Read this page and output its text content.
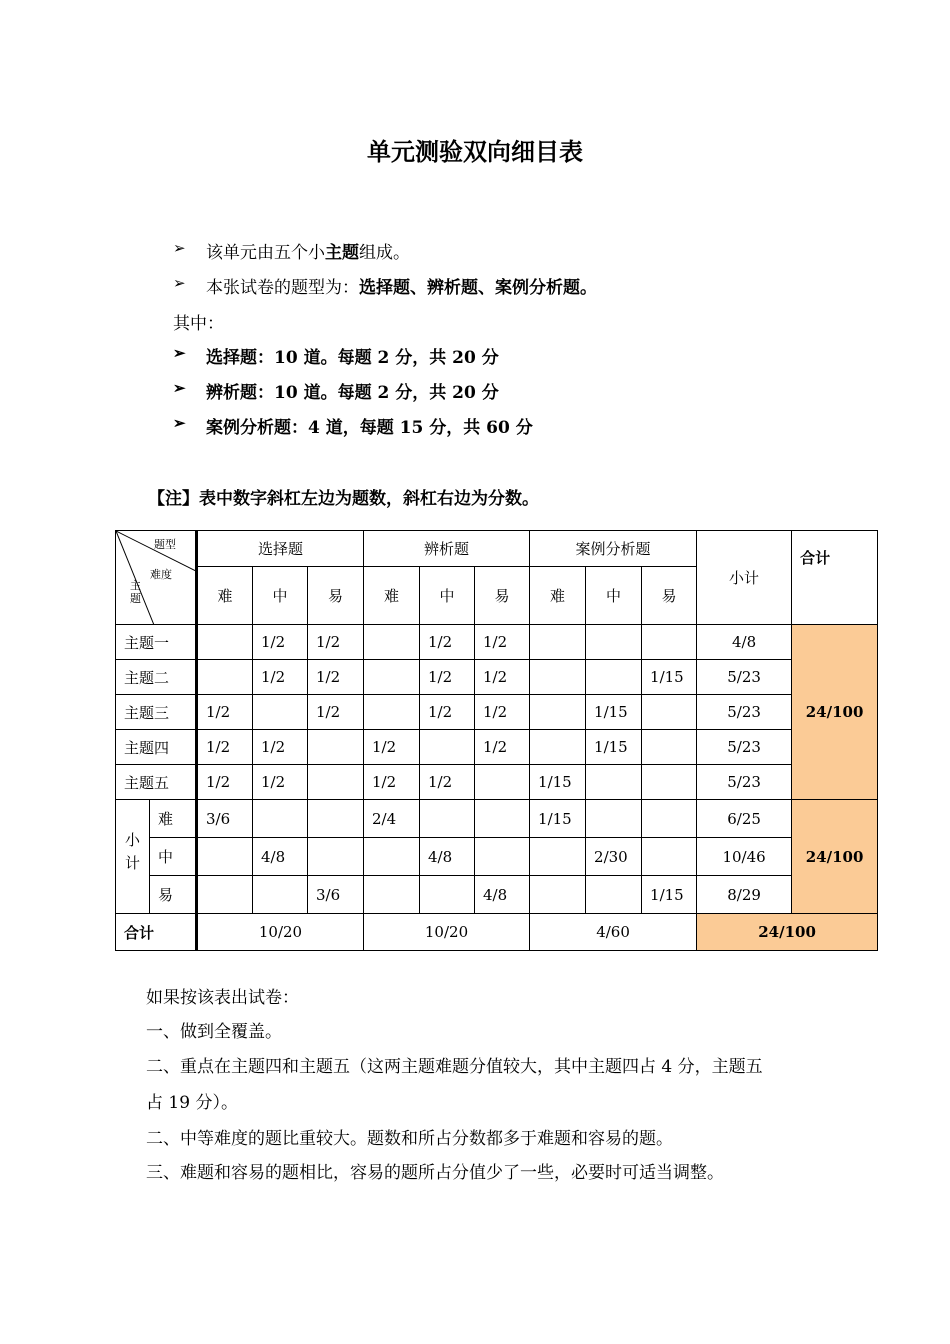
单元测验双向细目表
➢ 该单元由五个小主题组成。
➢ 本张试卷的题型为：选择题、辨析题、案例分析题。
其中：
➢ 选择题：10 道。每题 2 分，共 20 分
➢ 辨析题：10 道。每题 2 分，共 20 分
➢ 案例分析题：4 道，每题 15 分，共 60 分
【注】表中数字斜杠左边为题数，斜杠右边为分数。
题型
难度
主
题		选择题			辨析题			案例分析题			小计	合计
		难	中	易	难	中	易	难	中	易		
主题一			1/2	1/2		1/2	1/2				4/8	24/100
主题二			1/2	1/2		1/2	1/2			1/15	5/23	
主题三		1/2		1/2		1/2	1/2		1/15		5/23	
主题四		1/2	1/2		1/2		1/2		1/15		5/23	
主题五		1/2	1/2		1/2	1/2		1/15			5/23	
小计	难	3/6			2/4			1/15			6/25	24/100
	中		4/8			4/8			2/30		10/46	
	易			3/6			4/8			1/15	8/29	
合计		10/20			10/20			4/60			24/100	
如果按该表出试卷：
一、做到全覆盖。
二、重点在主题四和主题五（这两主题难题分值较大，其中主题四占 4 分，主题五
占 19 分）。
二、中等难度的题比重较大。题数和所占分数都多于难题和容易的题。
三、难题和容易的题相比，容易的题所占分值少了一些，必要时可适当调整。
